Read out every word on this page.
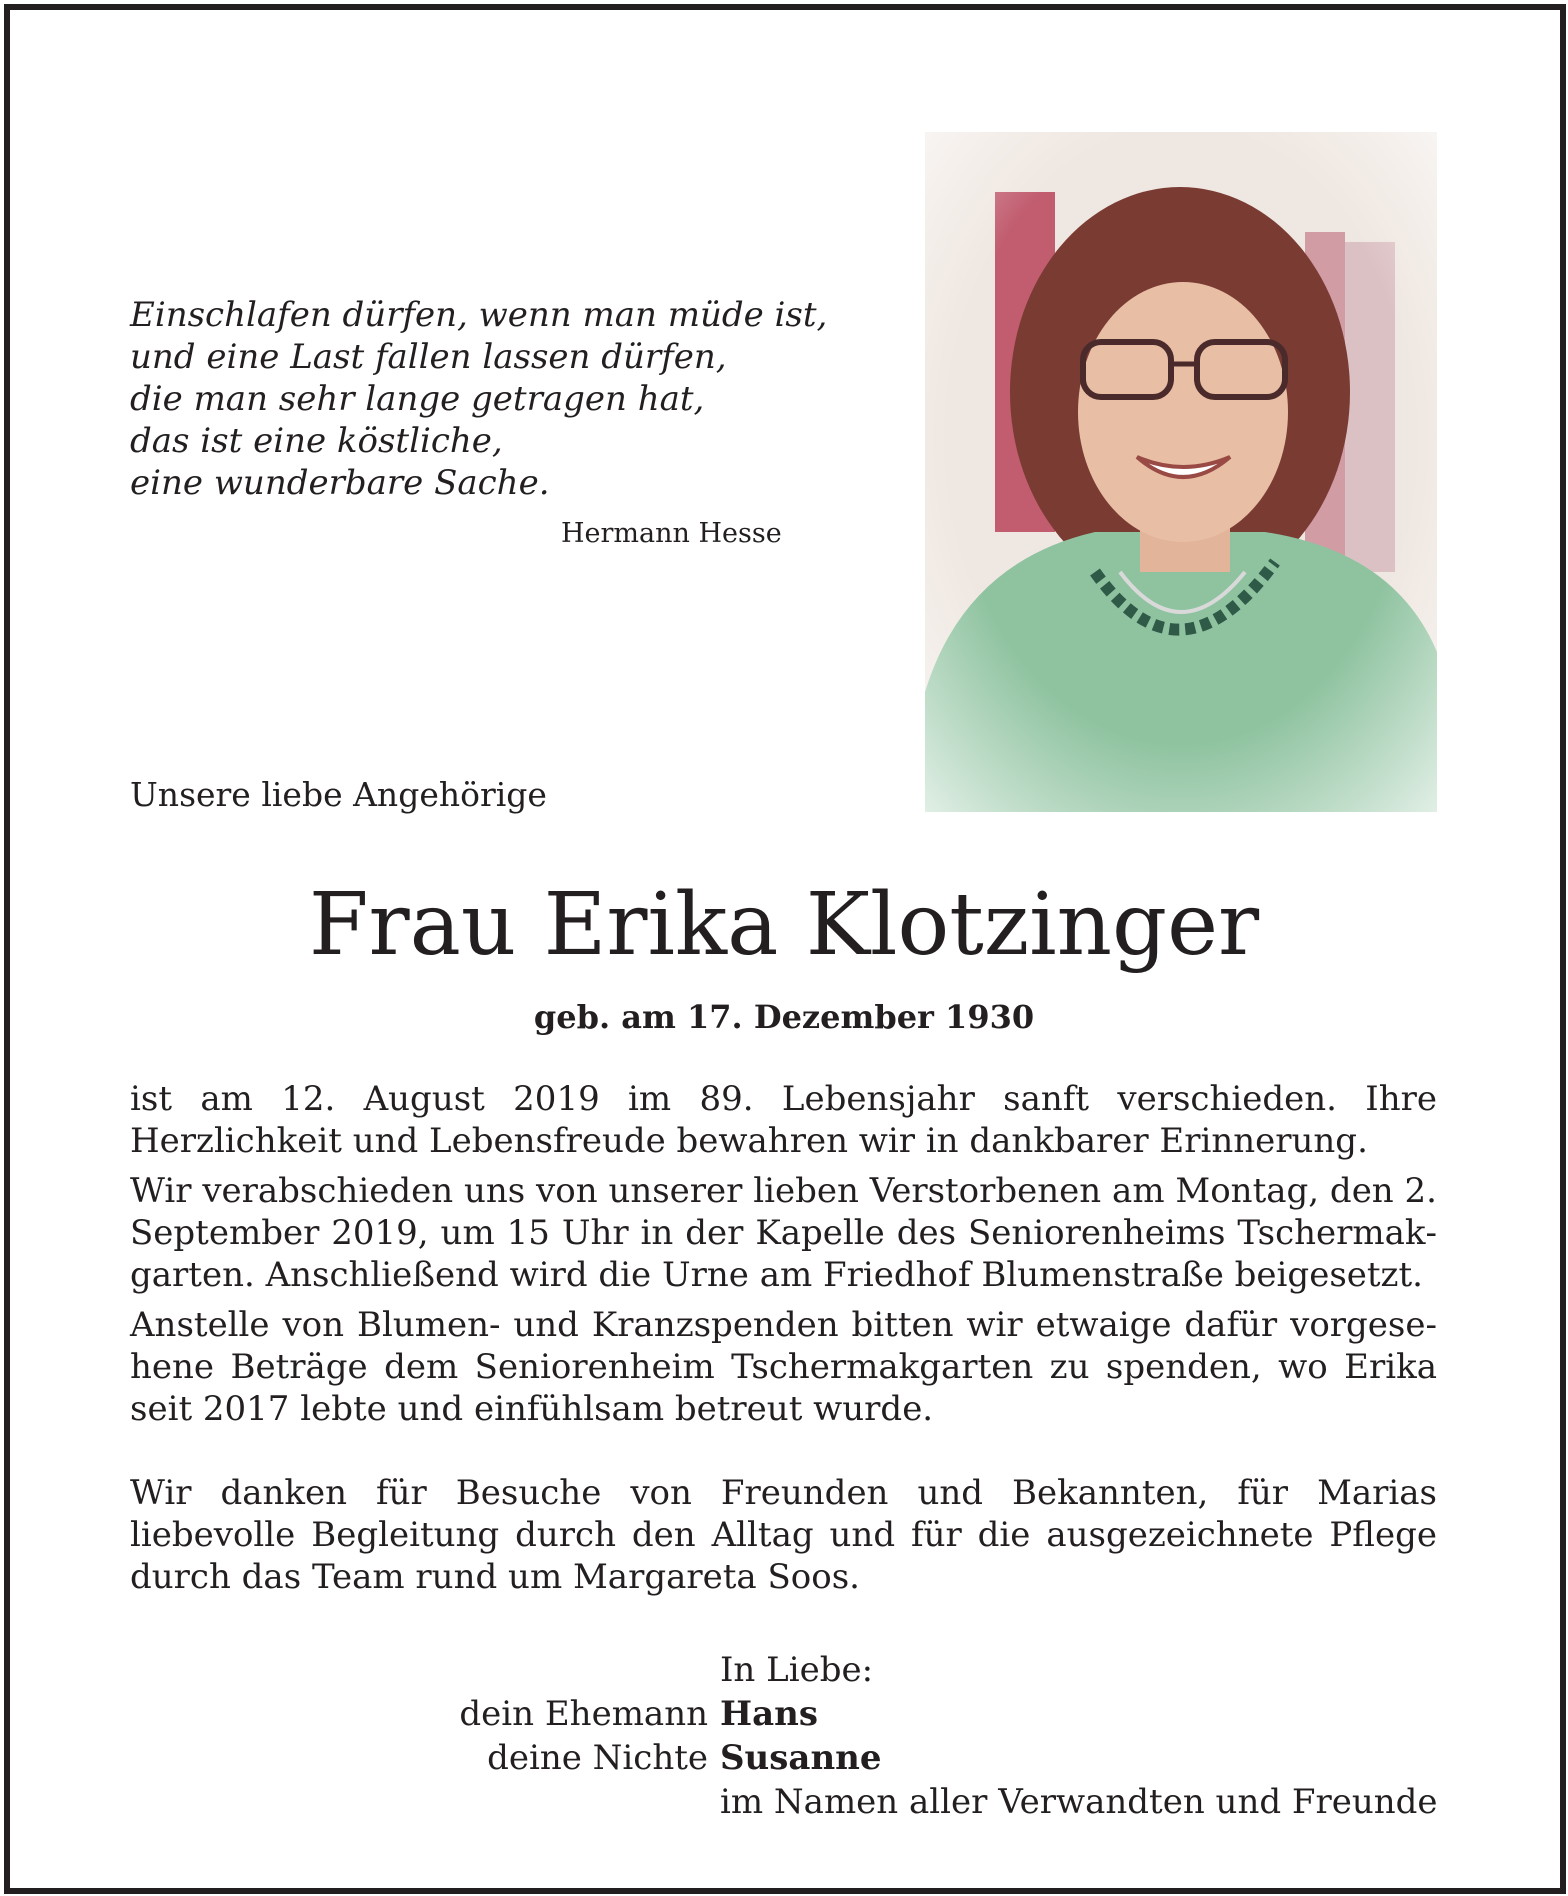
Einschlafen dürfen, wenn man müde ist,
und eine Last fallen lassen dürfen,
die man sehr lange getragen hat,
das ist eine köstliche,
eine wunderbare Sache.
Hermann Hesse
Unsere liebe Angehörige
Frau Erika Klotzinger
geb. am 17. Dezember 1930

ist am 12. August 2019 im 89. Lebensjahr sanft verschieden. Ihre Herzlichkeit und Lebensfreude bewahren wir in dankbarer Erinnerung.

Wir verabschieden uns von unserer lieben Verstorbenen am Montag, den 2. September 2019, um 15 Uhr in der Kapelle des Seniorenheims Tschermakgarten. Anschließend wird die Urne am Friedhof Blumenstraße beigesetzt.

Anstelle von Blumen- und Kranzspenden bitten wir etwaige dafür vorgesehene Beträge dem Seniorenheim Tschermakgarten zu spenden, wo Erika seit 2017 lebte und einfühlsam betreut wurde.

Wir danken für Besuche von Freunden und Bekannten, für Marias liebevolle Begleitung durch den Alltag und für die ausgezeichnete Pflege durch das Team rund um Margareta Soos.

In Liebe:
dein Ehemann Hans
deine Nichte Susanne
im Namen aller Verwandten und Freunde
